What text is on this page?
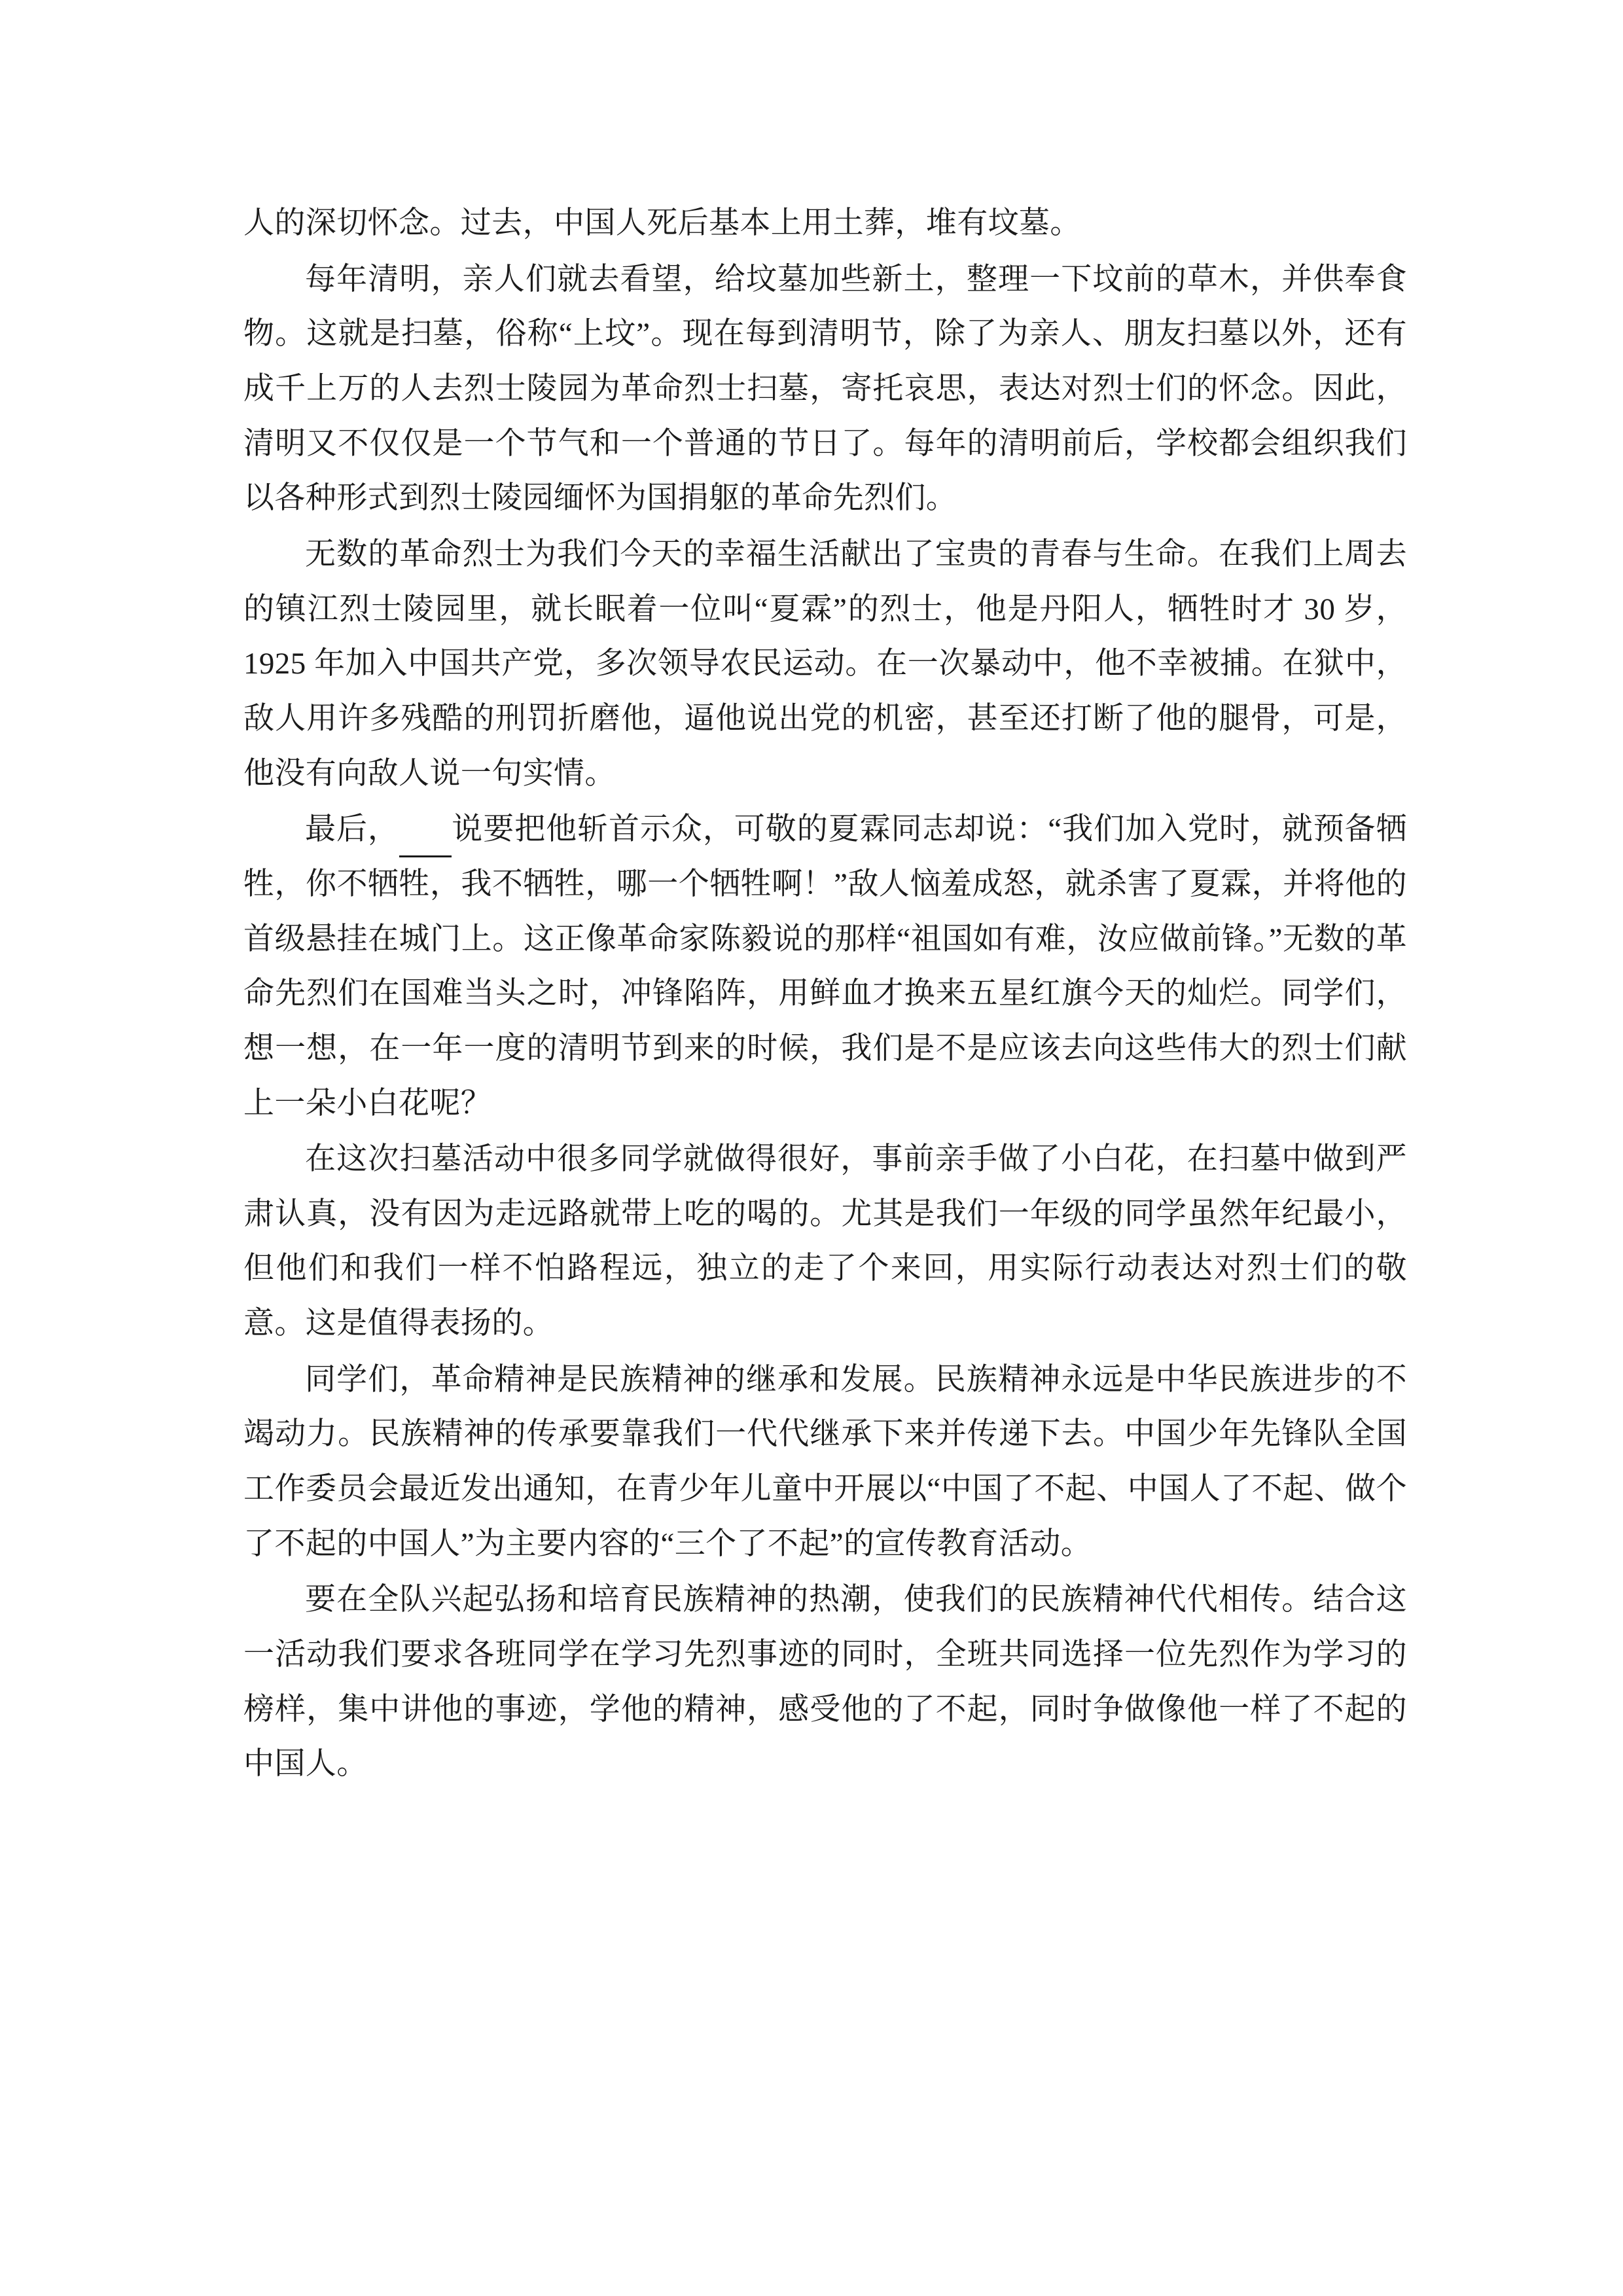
人的深切怀念。过去，中国人死后基本上用土葬，堆有坟墓。

每年清明，亲人们就去看望，给坟墓加些新土，整理一下坟前的草木，并供奉食物。这就是扫墓，俗称“上坟”。现在每到清明节，除了为亲人、朋友扫墓以外，还有成千上万的人去烈士陵园为革命烈士扫墓，寄托哀思，表达对烈士们的怀念。因此，清明又不仅仅是一个节气和一个普通的节日了。每年的清明前后，学校都会组织我们以各种形式到烈士陵园缅怀为国捐躯的革命先烈们。

无数的革命烈士为我们今天的幸福生活献出了宝贵的青春与生命。在我们上周去的镇江烈士陵园里，就长眠着一位叫“夏霖”的烈士，他是丹阳人，牺牲时才 30 岁，1925 年加入中国共产党，多次领导农民运动。在一次暴动中，他不幸被捕。在狱中，敌人用许多残酷的刑罚折磨他，逼他说出党的机密，甚至还打断了他的腿骨，可是，他没有向敌人说一句实情。

最后， 说要把他斩首示众，可敬的夏霖同志却说：“我们加入党时，就预备牺牲，你不牺牲，我不牺牲，哪一个牺牲啊！”敌人恼羞成怒，就杀害了夏霖，并将他的首级悬挂在城门上。这正像革命家陈毅说的那样“祖国如有难，汝应做前锋。”无数的革命先烈们在国难当头之时，冲锋陷阵，用鲜血才换来五星红旗今天的灿烂。同学们，想一想，在一年一度的清明节到来的时候，我们是不是应该去向这些伟大的烈士们献上一朵小白花呢？

在这次扫墓活动中很多同学就做得很好，事前亲手做了小白花，在扫墓中做到严肃认真，没有因为走远路就带上吃的喝的。尤其是我们一年级的同学虽然年纪最小，但他们和我们一样不怕路程远，独立的走了个来回，用实际行动表达对烈士们的敬意。这是值得表扬的。

同学们，革命精神是民族精神的继承和发展。民族精神永远是中华民族进步的不竭动力。民族精神的传承要靠我们一代代继承下来并传递下去。中国少年先锋队全国工作委员会最近发出通知，在青少年儿童中开展以“中国了不起、中国人了不起、做个了不起的中国人”为主要内容的“三个了不起”的宣传教育活动。

要在全队兴起弘扬和培育民族精神的热潮，使我们的民族精神代代相传。结合这一活动我们要求各班同学在学习先烈事迹的同时，全班共同选择一位先烈作为学习的榜样，集中讲他的事迹，学他的精神，感受他的了不起，同时争做像他一样了不起的中国人。
